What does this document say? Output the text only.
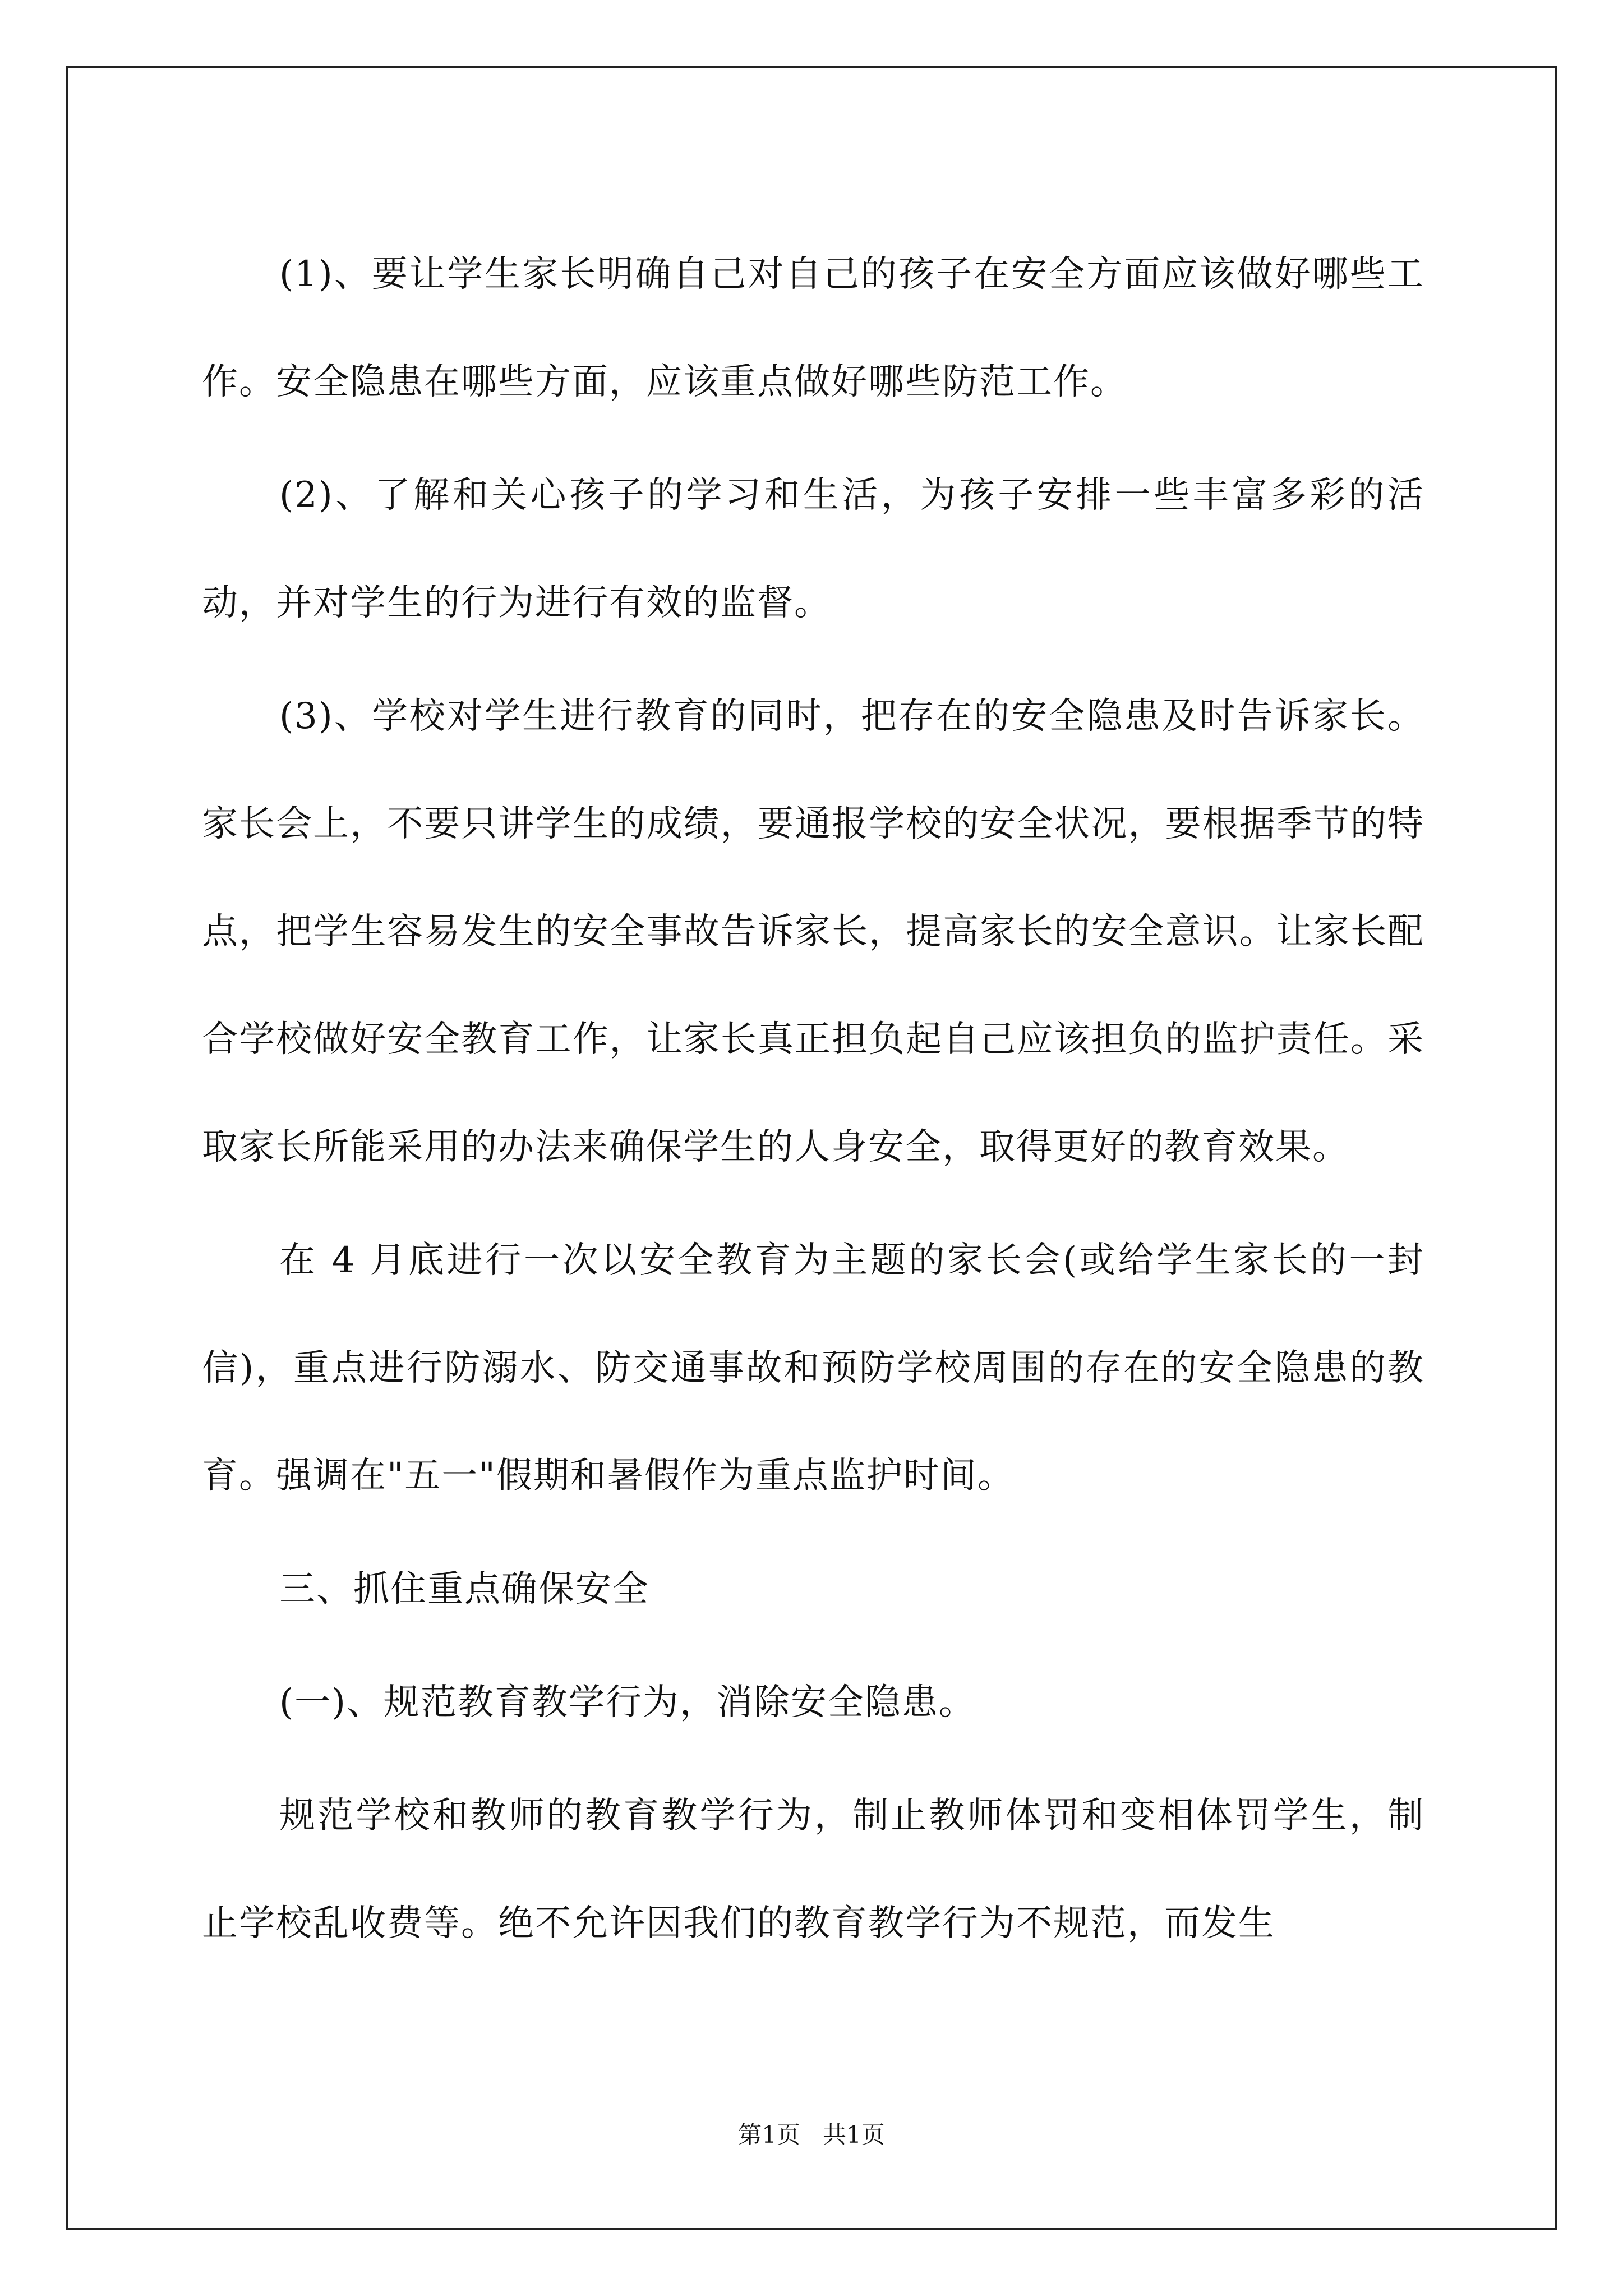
(1)、要让学生家长明确自己对自己的孩子在安全方面应该做好哪些工作。安全隐患在哪些方面，应该重点做好哪些防范工作。

(2)、了解和关心孩子的学习和生活，为孩子安排一些丰富多彩的活动，并对学生的行为进行有效的监督。

(3)、学校对学生进行教育的同时，把存在的安全隐患及时告诉家长。家长会上，不要只讲学生的成绩，要通报学校的安全状况，要根据季节的特点，把学生容易发生的安全事故告诉家长，提高家长的安全意识。让家长配合学校做好安全教育工作，让家长真正担负起自己应该担负的监护责任。采取家长所能采用的办法来确保学生的人身安全，取得更好的教育效果。

在 4 月底进行一次以安全教育为主题的家长会(或给学生家长的一封信)，重点进行防溺水、防交通事故和预防学校周围的存在的安全隐患的教育。强调在"五一"假期和暑假作为重点监护时间。

三、抓住重点确保安全

(一)、规范教育教学行为，消除安全隐患。

规范学校和教师的教育教学行为，制止教师体罚和变相体罚学生，制止学校乱收费等。绝不允许因我们的教育教学行为不规范，而发生

第1页   共1页
